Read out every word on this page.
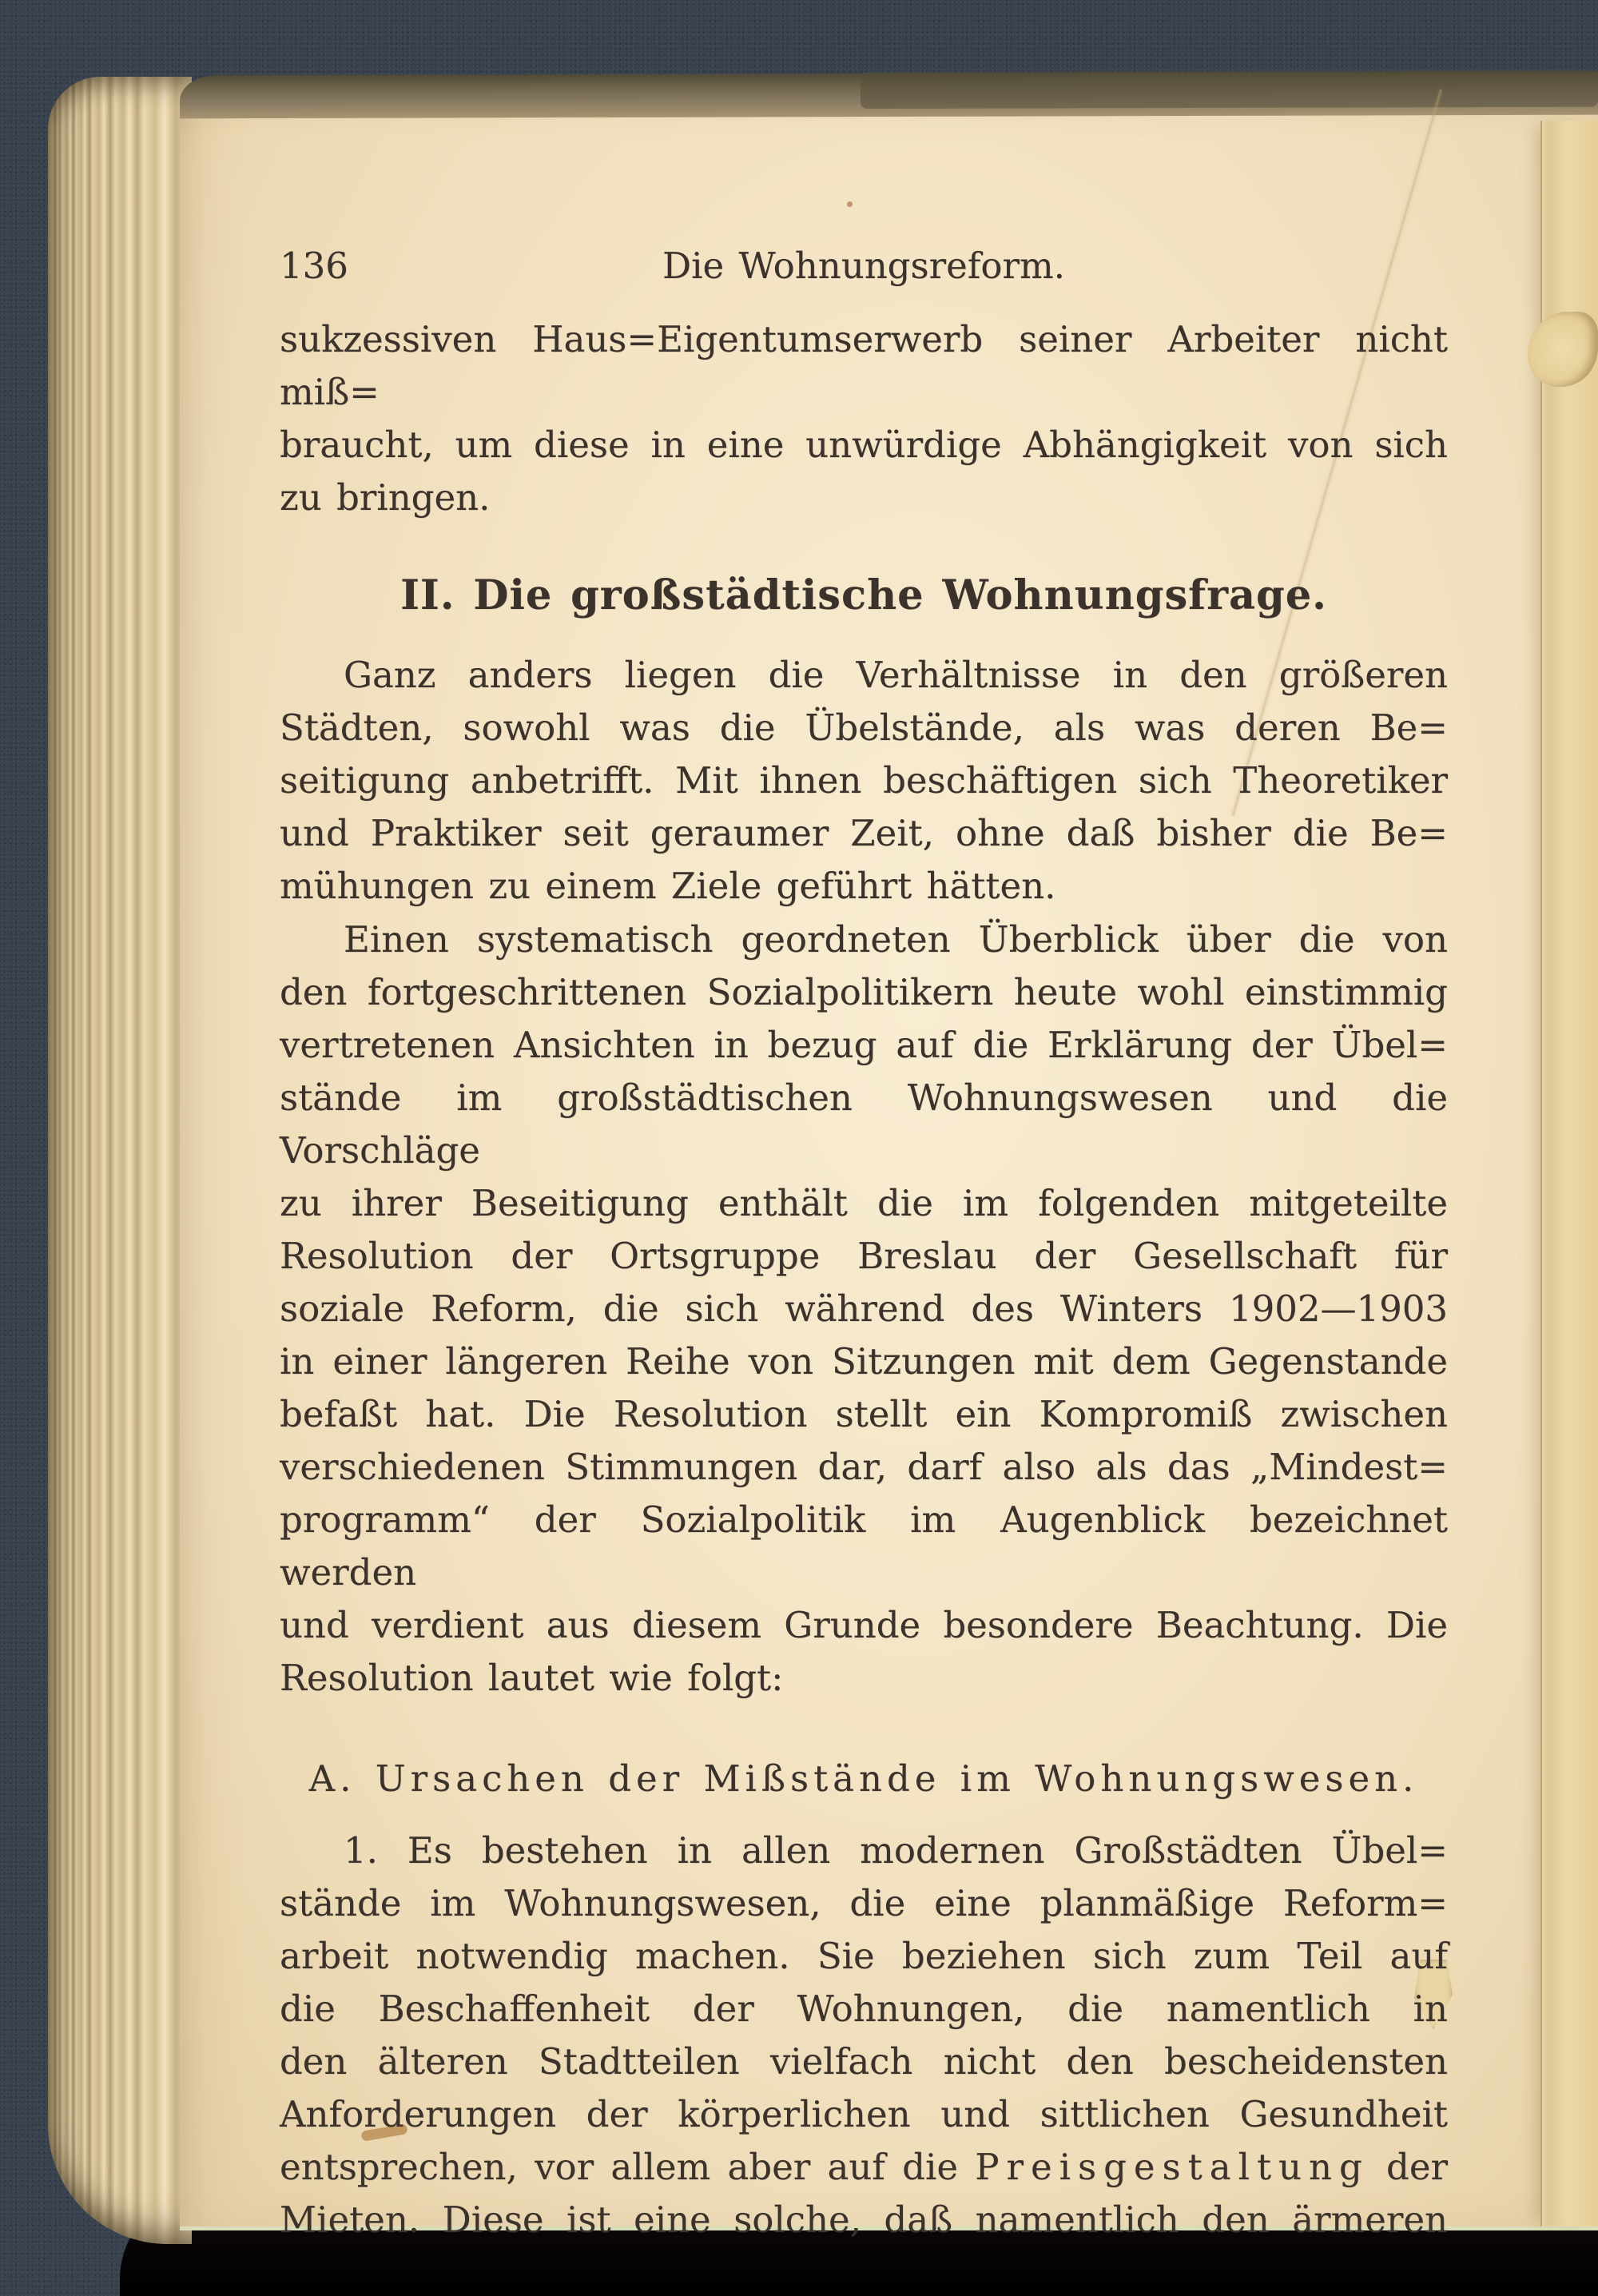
136	Die Wohnungsreform.
sukzessiven Haus=Eigentumserwerb seiner Arbeiter nicht miß=
braucht, um diese in eine unwürdige Abhängigkeit von sich
zu bringen.
II. Die großstädtische Wohnungsfrage.
Ganz anders liegen die Verhältnisse in den größeren
Städten, sowohl was die Übelstände, als was deren Be=
seitigung anbetrifft. Mit ihnen beschäftigen sich Theoretiker
und Praktiker seit geraumer Zeit, ohne daß bisher die Be=
mühungen zu einem Ziele geführt hätten.
Einen systematisch geordneten Überblick über die von
den fortgeschrittenen Sozialpolitikern heute wohl einstimmig
vertretenen Ansichten in bezug auf die Erklärung der Übel=
stände im großstädtischen Wohnungswesen und die Vorschläge
zu ihrer Beseitigung enthält die im folgenden mitgeteilte
Resolution der Ortsgruppe Breslau der Gesellschaft für
soziale Reform, die sich während des Winters 1902—1903
in einer längeren Reihe von Sitzungen mit dem Gegenstande
befaßt hat. Die Resolution stellt ein Kompromiß zwischen
verschiedenen Stimmungen dar, darf also als das „Mindest=
programm“ der Sozialpolitik im Augenblick bezeichnet werden
und verdient aus diesem Grunde besondere Beachtung. Die
Resolution lautet wie folgt:
A. Ursachen der Mißstände im Wohnungswesen.
1. Es bestehen in allen modernen Großstädten Übel=
stände im Wohnungswesen, die eine planmäßige Reform=
arbeit notwendig machen. Sie beziehen sich zum Teil auf
die Beschaffenheit der Wohnungen, die namentlich in
den älteren Stadtteilen vielfach nicht den bescheidensten
Anforderungen der körperlichen und sittlichen Gesundheit
entsprechen, vor allem aber auf die Preisgestaltung der
Mieten. Diese ist eine solche, daß namentlich den ärmeren
